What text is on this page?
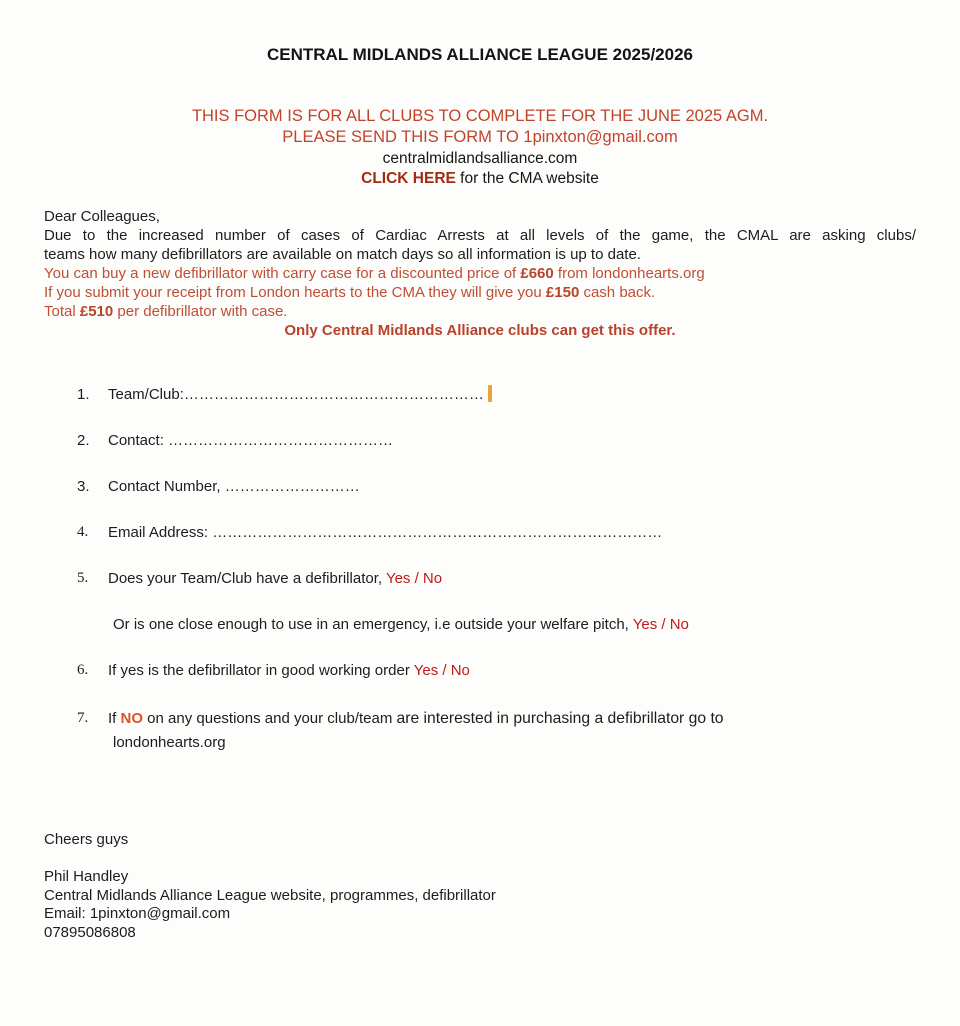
CENTRAL MIDLANDS ALLIANCE LEAGUE 2025/2026
THIS FORM IS FOR ALL CLUBS TO COMPLETE FOR THE JUNE 2025 AGM.
PLEASE SEND THIS FORM TO 1pinxton@gmail.com
centralmidlandsalliance.com
CLICK HERE for the CMA website
Dear Colleagues,
Due to the increased number of cases of Cardiac Arrests at all levels of the game, the CMAL are asking clubs/
teams how many defibrillators are available on match days so all information is up to date.
You can buy a new defibrillator with carry case for a discounted price of £660 from londonhearts.org
If you submit your receipt from London hearts to the CMA they will give you £150 cash back.
Total £510 per defibrillator with case.
Only Central Midlands Alliance clubs can get this offer.
1.	Team/Club:……………………………………………………
2.	Contact: ………………………………………
3.	Contact Number, ………………………
4.	Email Address: ………………………………………………………………………………
5.	Does your Team/Club have a defibrillator, Yes / No
Or is one close enough to use in an emergency, i.e outside your welfare pitch, Yes / No
6.	If yes is the defibrillator in good working order Yes / No
7.	If NO on any questions and your club/team are interested in purchasing a defibrillator go to
londonhearts.org
Cheers guys

Phil Handley
Central Midlands Alliance League website, programmes, defibrillator
Email: 1pinxton@gmail.com
07895086808
